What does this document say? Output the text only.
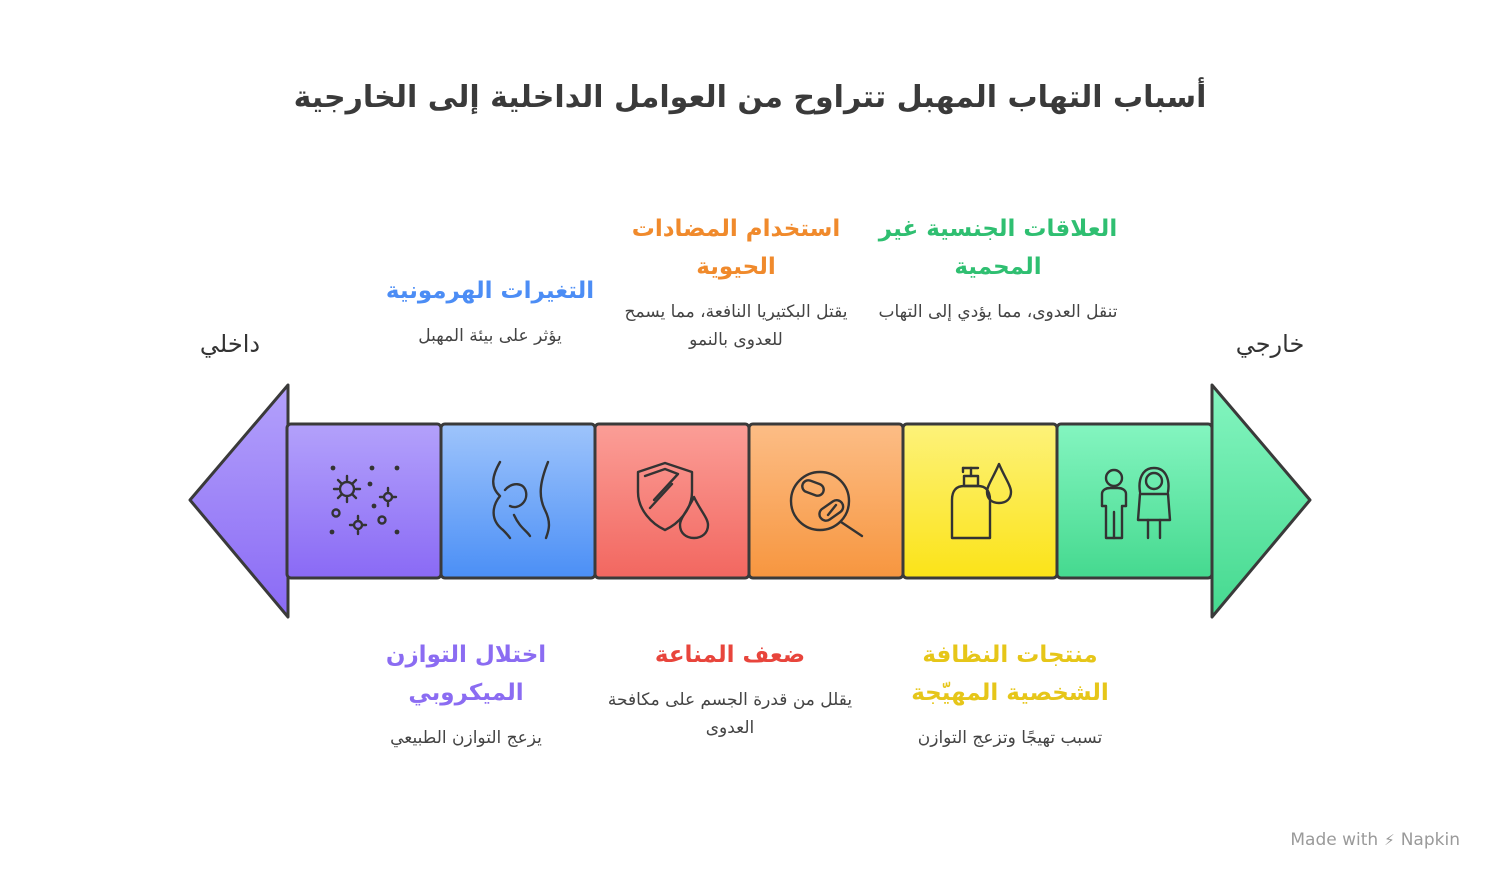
أسباب التهاب المهبل تتراوح من العوامل الداخلية إلى الخارجية
داخلي	خارجي
التغيرات الهرمونية
يؤثر على بيئة المهبل
استخدام المضادات الحيوية
يقتل البكتيريا النافعة، مما يسمح للعدوى بالنمو
العلاقات الجنسية غير المحمية
تنقل العدوى، مما يؤدي إلى التهاب
اختلال التوازن الميكروبي
يزعج التوازن الطبيعي
ضعف المناعة
يقلل من قدرة الجسم على مكافحة العدوى
منتجات النظافة الشخصية المهيّجة
تسبب تهيجًا وتزعج التوازن
Made with ⚡ Napkin
